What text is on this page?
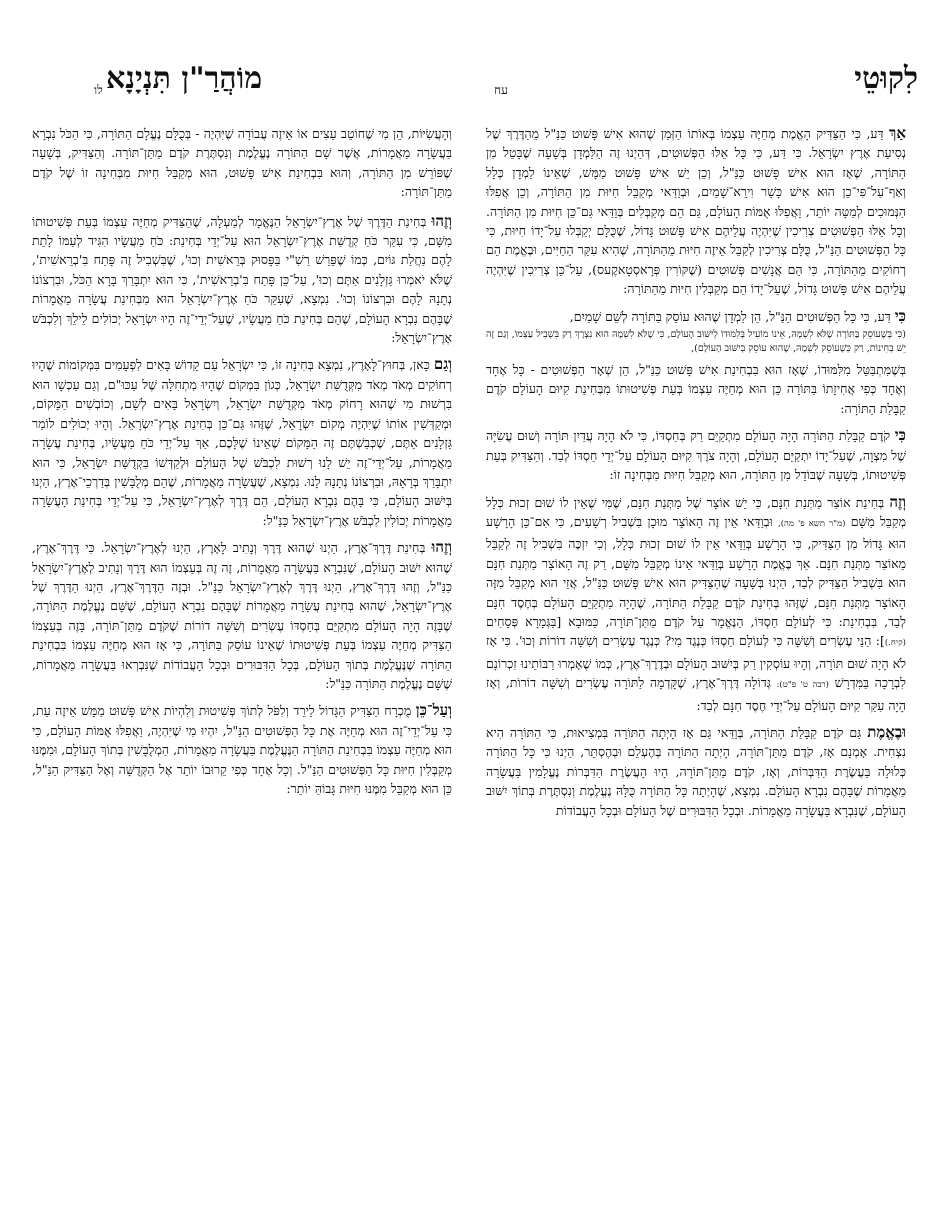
לִקוּטֵי
עח
מוֹהֲרַ"ן תִּנְיָנָא
לו

אַךְ דַּע, כִּי הַצַּדִּיק הָאֱמֶת מְחַיֶּה עַצְמוֹ בְּאוֹתוֹ הַזְּמַן שֶׁהוּא אִישׁ פָּשׁוּט כַּנַּ"ל מֵהַדֶּרֶךְ שֶׁל נְסִיעַת אֶרֶץ יִשְׂרָאֵל. כִּי דַּע, כִּי כָּל אֵלּוּ הַפְּשׁוּטִים, דְּהַיְנוּ זֶה הַלַּמְדָן בְּשָׁעָה שֶׁבָּטֵל מִן הַתּוֹרָה, שֶׁאָז הוּא אִישׁ פָּשׁוּט כַּנַּ"ל, וְכֵן יֵשׁ אִישׁ פָּשׁוּט מַמָּשׁ, שֶׁאֵינוֹ לַמְדָן כְּלָל וְאַף־עַל־פִּי־כֵן הוּא אִישׁ כָּשֵׁר וִירֵא־שָׁמַיִם, וּבְוַדַּאי מְקַבֵּל חִיּוּת מִן הַתּוֹרָה, וְכֵן אֲפִלּוּ הַנְּמוּכִים לְמַטָּה יוֹתֵר, וַאֲפִלּוּ אֻמּוֹת הָעוֹלָם, גַּם הֵם מְקַבְּלִים בְּוַדַּאי גַּם־כֵּן חִיּוּת מִן הַתּוֹרָה. וְכָל אֵלּוּ הַפְּשׁוּטִים צְרִיכִין שֶׁיִּהְיֶה עֲלֵיהֶם אִישׁ פָּשׁוּט גָּדוֹל, שֶׁכֻּלָּם יְקַבְּלוּ עַל־יָדוֹ חִיּוּת, כִּי כָּל הַפְּשׁוּטִים הַנַּ"ל, כֻּלָּם צְרִיכִין לְקַבֵּל אֵיזֶה חִיּוּת מֵהַתּוֹרָה, שֶׁהִיא עִקַּר הַחַיִּים, וּבֶאֱמֶת הֵם רְחוֹקִים מֵהַתּוֹרָה, כִּי הֵם אֲנָשִׁים פְּשׁוּטִים (שֶׁקּוֹרִין פְּרָאסְטָאקֶעס), עַל־כֵּן צְרִיכִין שֶׁיִּהְיֶה עֲלֵיהֶם אִישׁ פָּשׁוּט גָּדוֹל, שֶׁעַל־יָדוֹ הֵם מְקַבְּלִין חִיּוּת מֵהַתּוֹרָה:

כִּי דַּע, כִּי כָּל הַפְּשׁוּטִים הַנַּ"ל, הֵן לַמְדָן שֶׁהוּא עוֹסֵק בַּתּוֹרָה לְשֵׁם שָׁמַיִם,
(כִּי בְּשֶׁעוֹסֵק בַּתּוֹרָה שֶׁלֹּא לִשְׁמָהּ, אֵינוֹ מוֹעִיל בְּלִמּוּדוֹ לְיִשּׁוּב הָעוֹלָם, כִּי שֶׁלֹּא לִשְׁמָהּ הוּא נִצְרָךְ רַק בִּשְׁבִיל עַצְמוֹ, וְגַם זֶה יֵשׁ בְּחִינוֹת, רַק כְּשֶׁעוֹסֵק לִשְׁמָהּ, שֶׁהוּא עוֹסֵק בְּיִשּׁוּב הָעוֹלָם),
בְּשֶׁמִּתְבַּטֵּל מִלִּמּוּדוֹ, שֶׁאָז הוּא בִּבְחִינַת אִישׁ פָּשׁוּט כַּנַּ"ל, הֵן שְׁאָר הַפְּשׁוּטִים - כָּל אֶחָד וְאֶחָד כְּפִי אֲחִיזָתוֹ בַּתּוֹרָה כֵּן הוּא מְחַיֶּה עַצְמוֹ בְּעֵת פְּשִׁיטוּתוֹ מִבְּחִינַת קִיּוּם הָעוֹלָם קֹדֶם קַבָּלַת הַתּוֹרָה:

כִּי קֹדֶם קַבָּלַת הַתּוֹרָה הָיָה הָעוֹלָם מִתְקַיֵּם רַק בְּחַסְדּוֹ, כִּי לֹא הָיָה עֲדַיִן תּוֹרָה וְשׁוּם עֲשִׂיָּה שֶׁל מִצְוָה, שֶׁעַל־יָדוֹ יִתְקַיֵּם הָעוֹלָם, וְהָיָה צֹרֶךְ קִיּוּם הָעוֹלָם עַל־יְדֵי חַסְדּוֹ לְבַד. וְהַצַּדִּיק בְּעֵת פְּשִׁיטוּתוֹ, בְּשָׁעָה שֶׁבּוֹדֵל מִן הַתּוֹרָה, הוּא מְקַבֵּל חִיּוּת מִבְּחִינָה זוֹ:

וְזֶה בְּחִינַת אוֹצַר מַתְּנַת חִנָּם, כִּי יֵשׁ אוֹצָר שֶׁל מַתְּנַת חִנָּם, שֶׁמִּי שֶׁאֵין לוֹ שׁוּם זְכוּת כְּלָל מְקַבֵּל מִשָּׁם (מ"ר תשא פ' מה), וּבְוַדַּאי אֵין זֶה הָאוֹצָר מוּכָן בִּשְׁבִיל רְשָׁעִים, כִּי אִם־כֵּן הָרָשָׁע הוּא גָּדוֹל מִן הַצַּדִּיק, כִּי הָרָשָׁע בְּוַדַּאי אֵין לוֹ שׁוּם זְכוּת כְּלָל, וְכִי יִזְכֶּה בִּשְׁבִיל זֶה לְקַבֵּל מֵאוֹצַר מַתְּנַת חִנָּם. אַךְ בֶּאֱמֶת הָרָשָׁע בְּוַדַּאי אֵינוֹ מְקַבֵּל מִשָּׁם, רַק זֶה הָאוֹצָר מַתְּנַת חִנָּם הוּא בִּשְׁבִיל הַצַּדִּיק לְבַד, הַיְנוּ בְּשָׁעָה שֶׁהַצַּדִּיק הוּא אִישׁ פָּשׁוּט כַּנַּ"ל, אֲזַי הוּא מְקַבֵּל מִזֶּה הָאוֹצָר מַתְּנַת חִנָּם, שֶׁזֶּהוּ בְּחִינַת קֹדֶם קַבָּלַת הַתּוֹרָה, שֶׁהָיָה מִתְקַיֵּם הָעוֹלָם בְּחֶסֶד חִנָּם לְבַד, בִּבְחִינַת: כִּי לְעוֹלָם חַסְדּוֹ, הַנֶּאֱמָר עַל קֹדֶם מַתַּן־תּוֹרָה, כַּמּוּבָא [בַּגְּמָרָא פְּסָחִים (קיח.)]: הַנֵּי עֶשְׂרִים וְשִׁשָּׁה כִּי לְעוֹלָם חַסְדּוֹ כְּנֶגֶד מִי? כְּנֶגֶד עֶשְׂרִים וְשִׁשָּׁה דוֹרוֹת וְכוּ'. כִּי אָז לֹא הָיָה שׁוּם תּוֹרָה, וְהָיוּ עוֹסְקִין רַק בְּיִשּׁוּב הָעוֹלָם וּבְדֶרֶךְ־אֶרֶץ, כְּמוֹ שֶׁאָמְרוּ רַבּוֹתֵינוּ זִכְרוֹנָם לִבְרָכָה בַּמִּדְרָשׁ (רבה ט' פ"ט): גְּדוֹלָה דֶּרֶךְ־אֶרֶץ, שֶׁקָּדְמָה לַתּוֹרָה עֶשְׂרִים וְשִׁשָּׁה דוֹרוֹת, וְאָז הָיָה עִקַּר קִיּוּם הָעוֹלָם עַל־יְדֵי חֶסֶד חִנָּם לְבַד:

וּבֶאֱמֶת גַּם קֹדֶם קַבָּלַת הַתּוֹרָה, בְּוַדַּאי גַּם אָז הָיְתָה הַתּוֹרָה בִּמְצִיאוּת, כִּי הַתּוֹרָה הִיא נִצְחִית. אָמְנָם אָז, קֹדֶם מַתַּן־תּוֹרָה, הָיְתָה הַתּוֹרָה בְּהֶעְלֵם וּבְהֶסְתֵּר, הַיְנוּ כִּי כָּל הַתּוֹרָה כְּלוּלָה בַּעֲשֶׂרֶת הַדִּבְּרוֹת, וְאָז, קֹדֶם מַתַּן־תּוֹרָה, הָיוּ הָעֲשֶׂרֶת הַדִּבְּרוֹת נֶעֱלָמִין בַּעֲשָׂרָה מַאֲמָרוֹת שֶׁבָּהֶם נִבְרָא הָעוֹלָם. נִמְצָא, שֶׁהָיְתָה כָּל הַתּוֹרָה כֻּלָּהּ נֶעֱלֶמֶת וְנִסְתֶּרֶת בְּתוֹךְ יִשּׁוּב הָעוֹלָם, שֶׁנִּבְרָא בַּעֲשָׂרָה מַאֲמָרוֹת. וּבְכָל הַדִּבּוּרִים שֶׁל הָעוֹלָם וּבְכָל הָעֲבוֹדוֹת

וְהָעֲשִׂיּוֹת, הֵן מִי שֶׁחוֹטֵב עֵצִים אוֹ אֵיזֶה עֲבוֹדָה שֶׁיִּהְיֶה - בְּכֻלָּם נֶעֱלָם הַתּוֹרָה, כִּי הַכֹּל נִבְרָא בַּעֲשָׂרָה מַאֲמָרוֹת, אֲשֶׁר שָׁם הַתּוֹרָה נֶעֱלֶמֶת וְנִסְתֶּרֶת קֹדֶם מַתַּן־תּוֹרָה. וְהַצַּדִּיק, בְּשָׁעָה שֶׁפּוֹרֵשׁ מִן הַתּוֹרָה, וְהוּא בִּבְחִינַת אִישׁ פָּשׁוּט, הוּא מְקַבֵּל חִיּוּת מִבְּחִינָה זוֹ שֶׁל קֹדֶם מַתַּן־תּוֹרָה:

וְזֶהוּ בְּחִינַת הַדֶּרֶךְ שֶׁל אֶרֶץ־יִשְׂרָאֵל הַנֶּאֱמָר לְמַעְלָה, שֶׁהַצַּדִּיק מְחַיֶּה עַצְמוֹ בְּעֵת פְּשִׁיטוּתוֹ מִשָּׁם, כִּי עִקַּר כֹּחַ קְדֻשַּׁת אֶרֶץ־יִשְׂרָאֵל הוּא עַל־יְדֵי בְּחִינַת: כֹּחַ מַעֲשָׂיו הִגִּיד לְעַמּוֹ לָתֵת לָהֶם נַחֲלַת גּוֹיִם, כְּמוֹ שֶׁפֵּרֵשׁ רַשִׁ"י בַּפָּסוּק בְּרֵאשִׁית וְכוּ', שֶׁבִּשְׁבִיל זֶה פָּתַח בִּ'בְרֵאשִׁית', שֶׁלֹּא יֹאמְרוּ גַּזְלָנִים אַתֶּם וְכוּ', עַל־כֵּן פָּתַח בִּ'בְרֵאשִׁית', כִּי הוּא יִתְבָּרַךְ בָּרָא הַכֹּל, וּבִרְצוֹנוֹ נְתָנָהּ לָהֶם וּבִרְצוֹנוֹ וְכוּ'. נִמְצָא, שֶׁעִקַּר כֹּחַ אֶרֶץ־יִשְׂרָאֵל הוּא מִבְּחִינַת עֲשָׂרָה מַאֲמָרוֹת שֶׁבָּהֶם נִבְרָא הָעוֹלָם, שֶׁהֵם בְּחִינַת כֹּחַ מַעֲשָׂיו, שֶׁעַל־יְדֵי־זֶה הָיוּ יִשְׂרָאֵל יְכוֹלִים לֵילֵךְ וְלִכְבֹּשׁ אֶרֶץ־יִשְׂרָאֵל:

וְגַם כָּאן, בְּחוּץ־לָאָרֶץ, נִמְצָא בְּחִינָה זוֹ, כִּי יִשְׂרָאֵל עַם קָדוֹשׁ בָּאִים לִפְעָמִים בִּמְקוֹמוֹת שֶׁהָיוּ רְחוֹקִים מְאֹד מְאֹד מִקְּדֻשַּׁת יִשְׂרָאֵל, כְּגוֹן בִּמְקוֹם שֶׁהָיוּ מִתְחִלָּה שֶׁל עַכּוּ"ם, וְגַם עַכְשָׁו הוּא בִּרְשׁוּת מִי שֶׁהוּא רָחוֹק מְאֹד מִקְּדֻשַּׁת יִשְׂרָאֵל, וְיִשְׂרָאֵל בָּאִים לְשָׁם, וְכוֹבְשִׁים הַמָּקוֹם, וּמְקַדְּשִׁין אוֹתוֹ שֶׁיִּהְיֶה מְקוֹם יִשְׂרָאֵל, שֶׁזֶּהוּ גַּם־כֵּן בְּחִינַת אֶרֶץ־יִשְׂרָאֵל. וְהָיוּ יְכוֹלִים לוֹמַר גַּזְלָנִים אַתֶּם, שֶׁכְּבַשְׁתֶּם זֶה הַמָּקוֹם שֶׁאֵינוֹ שֶׁלָּכֶם, אַךְ עַל־יְדֵי כֹּחַ מַעֲשָׂיו, בְּחִינַת עֲשָׂרָה מַאֲמָרוֹת, עַל־יְדֵי־זֶה יֵשׁ לָנוּ רְשׁוּת לִכְבֹּשׁ שֶׁל הָעוֹלָם וּלְקַדְּשׁוֹ בִּקְדֻשַּׁת יִשְׂרָאֵל, כִּי הוּא יִתְבָּרַךְ בְּרָאָהּ, וּבִרְצוֹנוֹ נְתָנָהּ לָנוּ. נִמְצָא, שֶׁעֲשָׂרָה מַאֲמָרוֹת, שֶׁהֵם מְלֻבָּשִׁין בְּדַרְכֵי־אֶרֶץ, הַיְנוּ בְּיִשּׁוּב הָעוֹלָם, כִּי בָּהֶם נִבְרָא הָעוֹלָם, הֵם דֶּרֶךְ לְאֶרֶץ־יִשְׂרָאֵל, כִּי עַל־יְדֵי בְּחִינַת הָעֲשָׂרָה מַאֲמָרוֹת יְכוֹלִין לִכְבֹּשׁ אֶרֶץ־יִשְׂרָאֵל כַּנַּ"ל:

וְזֶהוּ בְּחִינַת דֶּרֶךְ־אֶרֶץ, הַיְנוּ שֶׁהוּא דֶּרֶךְ וְנָתִיב לָאָרֶץ, הַיְנוּ לְאֶרֶץ־יִשְׂרָאֵל. כִּי דֶּרֶךְ־אֶרֶץ, שֶׁהוּא יִשּׁוּב הָעוֹלָם, שֶׁנִּבְרָא בַּעֲשָׂרָה מַאֲמָרוֹת, זֶה זֶה בְּעַצְמוֹ הוּא דֶּרֶךְ וְנָתִיב לְאֶרֶץ־יִשְׂרָאֵל כַּנַּ"ל, וְזֶהוּ דֶּרֶךְ־אֶרֶץ, הַיְנוּ דֶּרֶךְ לְאֶרֶץ־יִשְׂרָאֵל כַּנַּ"ל. וּבְזֶה הַדֶּרֶךְ־אֶרֶץ, הַיְנוּ הַדֶּרֶךְ שֶׁל אֶרֶץ־יִשְׂרָאֵל, שֶׁהוּא בְּחִינַת עֲשָׂרָה מַאֲמָרוֹת שֶׁבָּהֶם נִבְרָא הָעוֹלָם, שֶׁשָּׁם נֶעֱלֶמֶת הַתּוֹרָה, שֶׁבָּזֶה הָיָה הָעוֹלָם מִתְקַיֵּם בְּחַסְדּוֹ עֶשְׂרִים וְשִׁשָּׁה דוֹרוֹת שֶׁקֹּדֶם מַתַּן־תּוֹרָה, בָּזֶה בְּעַצְמוֹ הַצַּדִּיק מְחַיֶּה עַצְמוֹ בְּעֵת פְּשִׁיטוּתוֹ שֶׁאֵינוֹ עוֹסֵק בַּתּוֹרָה, כִּי אָז הוּא מְחַיֶּה עַצְמוֹ בִּבְחִינַת הַתּוֹרָה שֶׁנֶּעֱלֶמֶת בְּתוֹךְ הָעוֹלָם, בְּכָל הַדִּבּוּרִים וּבְכָל הָעֲבוֹדוֹת שֶׁנִּבְרְאוּ בַּעֲשָׂרָה מַאֲמָרוֹת, שֶׁשָּׁם נֶעֱלֶמֶת הַתּוֹרָה כַּנַּ"ל:

וְעַל־כֵּן מֻכְרָח הַצַּדִּיק הַגָּדוֹל לֵירֵד וְלִפֹּל לְתוֹךְ פְּשִׁיטוּת וְלִהְיוֹת אִישׁ פָּשׁוּט מַמָּשׁ אֵיזֶה עֵת, כִּי עַל־יְדֵי־זֶה הוּא מְחַיֶּה אֶת כָּל הַפְּשׁוּטִים הַנַּ"ל, יִהְיוּ מִי שֶׁיִּהְיֶה, וַאֲפִלּוּ אֻמּוֹת הָעוֹלָם, כִּי הוּא מְחַיֶּה עַצְמוֹ בִּבְחִינַת הַתּוֹרָה הַנֶּעֱלֶמֶת בַּעֲשָׂרָה מַאֲמָרוֹת, הַמְלֻבָּשִׁין בְּתוֹךְ הָעוֹלָם, וּמִמֶּנּוּ מְקַבְּלִין חִיּוּת כָּל הַפְּשׁוּטִים הַנַּ"ל. וְכָל אֶחָד כְּפִי קֵרוּבוֹ יוֹתֵר אֶל הַקְּדֻשָּׁה וְאֶל הַצַּדִּיק הַנַּ"ל, כֵּן הוּא מְקַבֵּל מִמֶּנּוּ חִיּוּת גָּבוֹהַּ יוֹתֵר:
